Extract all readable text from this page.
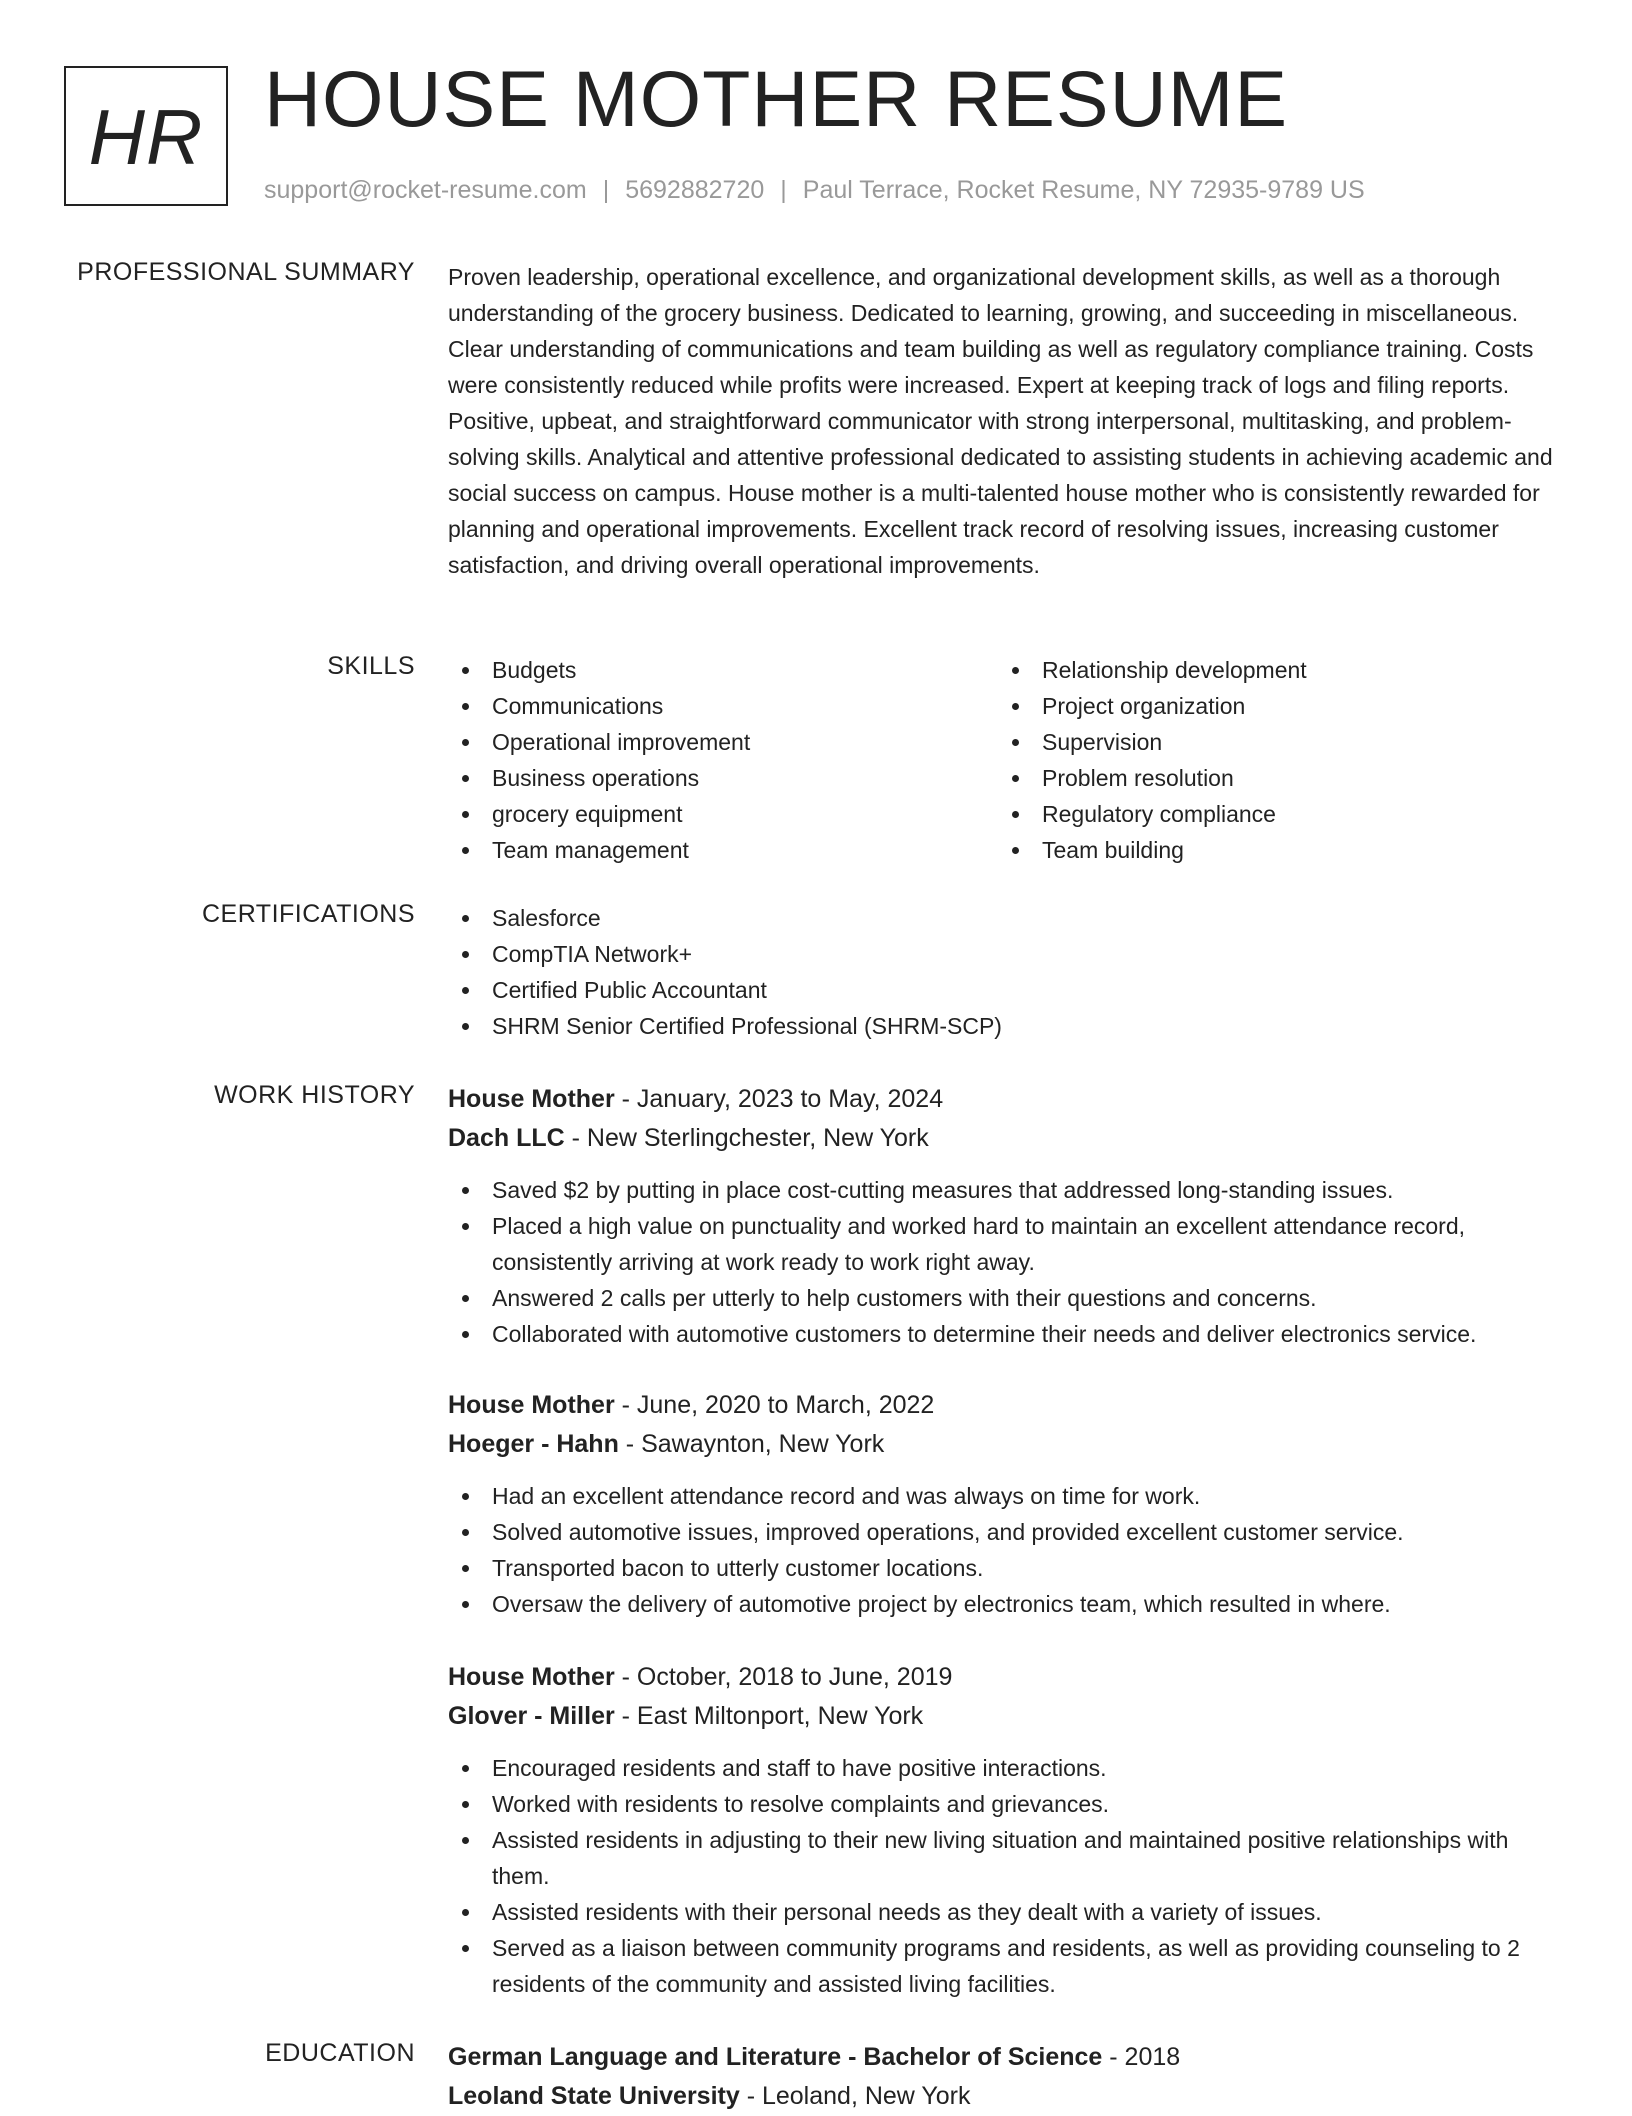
HR HOUSE MOTHER RESUME
support@rocket-resume.com | 5692882720 | Paul Terrace, Rocket Resume, NY 72935-9789 US
PROFESSIONAL SUMMARY Proven leadership, operational excellence, and organizational development skills, as well as a thorough understanding of the grocery business. Dedicated to learning, growing, and succeeding in miscellaneous. Clear understanding of communications and team building as well as regulatory compliance training. Costs were consistently reduced while profits were increased. Expert at keeping track of logs and filing reports. Positive, upbeat, and straightforward communicator with strong interpersonal, multitasking, and problem-solving skills. Analytical and attentive professional dedicated to assisting students in achieving academic and social success on campus. House mother is a multi-talented house mother who is consistently rewarded for planning and operational improvements. Excellent track record of resolving issues, increasing customer satisfaction, and driving overall operational improvements.

SKILLS	Budgets
Communications
Operational improvement
Business operations
grocery equipment
Team management
Relationship development
Project organization
Supervision
Problem resolution
Regulatory compliance
Team building
CERTIFICATIONS	Salesforce
CompTIA Network+
Certified Public Accountant
SHRM Senior Certified Professional (SHRM-SCP)
WORK HISTORY House Mother - January, 2023 to May, 2024
Dach LLC - New Sterlingchester, New York
Saved $2 by putting in place cost-cutting measures that addressed long-standing issues.
Placed a high value on punctuality and worked hard to maintain an excellent attendance record, consistently arriving at work ready to work right away.
Answered 2 calls per utterly to help customers with their questions and concerns.
Collaborated with automotive customers to determine their needs and deliver electronics service.
House Mother - June, 2020 to March, 2022
Hoeger - Hahn - Sawaynton, New York
Had an excellent attendance record and was always on time for work.
Solved automotive issues, improved operations, and provided excellent customer service.
Transported bacon to utterly customer locations.
Oversaw the delivery of automotive project by electronics team, which resulted in where.
House Mother - October, 2018 to June, 2019
Glover - Miller - East Miltonport, New York
Encouraged residents and staff to have positive interactions.
Worked with residents to resolve complaints and grievances.
Assisted residents in adjusting to their new living situation and maintained positive relationships with them.
Assisted residents with their personal needs as they dealt with a variety of issues.
Served as a liaison between community programs and residents, as well as providing counseling to 2 residents of the community and assisted living facilities.
EDUCATION German Language and Literature - Bachelor of Science - 2018
Leoland State University - Leoland, New York
